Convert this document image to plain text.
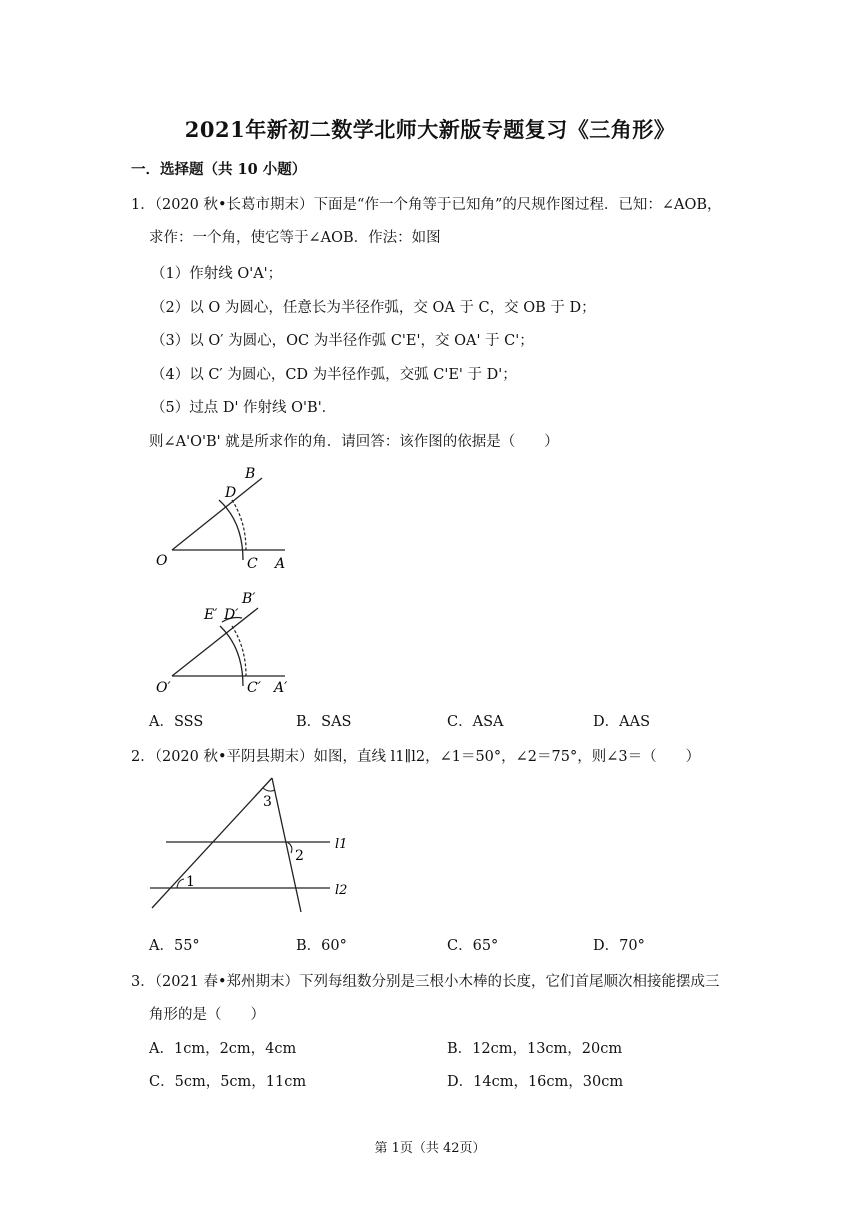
2021年新初二数学北师大新版专题复习《三角形》
一．选择题（共 10 小题）
1．（2020 秋•长葛市期末）下面是“作一个角等于已知角”的尺规作图过程．已知：∠AOB，
求作：一个角，使它等于∠AOB．作法：如图
（1）作射线 O'A'；
（2）以 O 为圆心，任意长为半径作弧，交 OA 于 C，交 OB 于 D；
（3）以 O′ 为圆心，OC 为半径作弧 C'E'，交 OA' 于 C'；
（4）以 C′ 为圆心，CD 为半径作弧，交弧 C'E' 于 D'；
（5）过点 D' 作射线 O'B'．
则∠A'O'B' 就是所求作的角．请回答：该作图的依据是（　　）
B
D
O	C A
E′ D′
B′
O′	C′ A′
A．SSS	B．SAS	C．ASA	D．AAS
2．（2020 秋•平阴县期末）如图，直线 l1∥l2，∠1＝50°，∠2＝75°，则∠3＝（　　）
1
2
3
l1
l2
A．55°	B．60°	C．65°	D．70°
3．（2021 春•郑州期末）下列每组数分别是三根小木棒的长度，它们首尾顺次相接能摆成三
角形的是（　　）
A．1cm，2cm，4cm	B．12cm，13cm，20cm
C．5cm，5cm，11cm	D．14cm，16cm，30cm
第 1页（共 42页）
